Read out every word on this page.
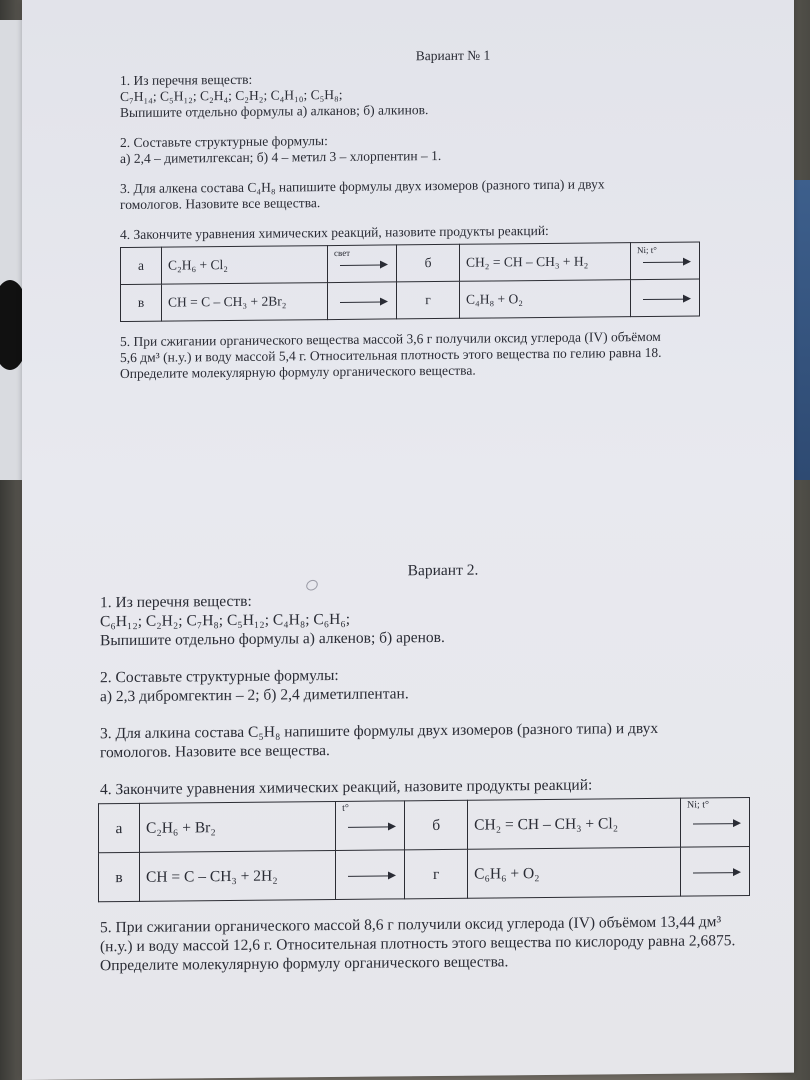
Вариант № 1

1. Из перечня веществ:

C₇H₁₄; C₅H₁₂; C₂H₄; C₂H₂; C₄H₁₀; C₅H₈;

Выпишите отдельно формулы а) алканов; б) алкинов.

2. Составьте структурные формулы:

а) 2,4 – диметилгексан; б) 4 – метил 3 – хлорпентин – 1.

3. Для алкена состава C₄H₈ напишите формулы двух изомеров (разного типа) и двух

гомологов. Назовите все вещества.

4. Закончите уравнения химических реакций, назовите продукты реакций:

а	C₂H₆ + Cl₂	свет	б	CH₂ = CH – CH₃ + H₂	Ni; t°

в	CH = C – CH₃ + 2Br₂		г	C₄H₈ + O₂	

5. При сжигании органического вещества массой 3,6 г получили оксид углерода (IV) объёмом

5,6 дм³ (н.у.) и воду массой 5,4 г. Относительная плотность этого вещества по гелию равна 18.

Определите молекулярную формулу органического вещества.

Вариант 2.

1. Из перечня веществ:

C₆H₁₂; C₂H₂; C₇H₈; C₅H₁₂; C₄H₈; C₆H₆;

Выпишите отдельно формулы а) алкенов; б) аренов.

2. Составьте структурные формулы:

а) 2,3 дибромгектин – 2; б) 2,4 диметилпентан.

3. Для алкина состава C₅H₈ напишите формулы двух изомеров (разного типа) и двух

гомологов. Назовите все вещества.

4. Закончите уравнения химических реакций, назовите продукты реакций:

а	C₂H₆ + Br₂	t°	б	CH₂ = CH – CH₃ + Cl₂	Ni; t°

в	CH = C – CH₃ + 2H₂		г	C₆H₆ + O₂	

5. При сжигании органического массой 8,6 г получили оксид углерода (IV) объёмом 13,44 дм³

(н.у.) и воду массой 12,6 г. Относительная плотность этого вещества по кислороду равна 2,6875.

Определите молекулярную формулу органического вещества.
